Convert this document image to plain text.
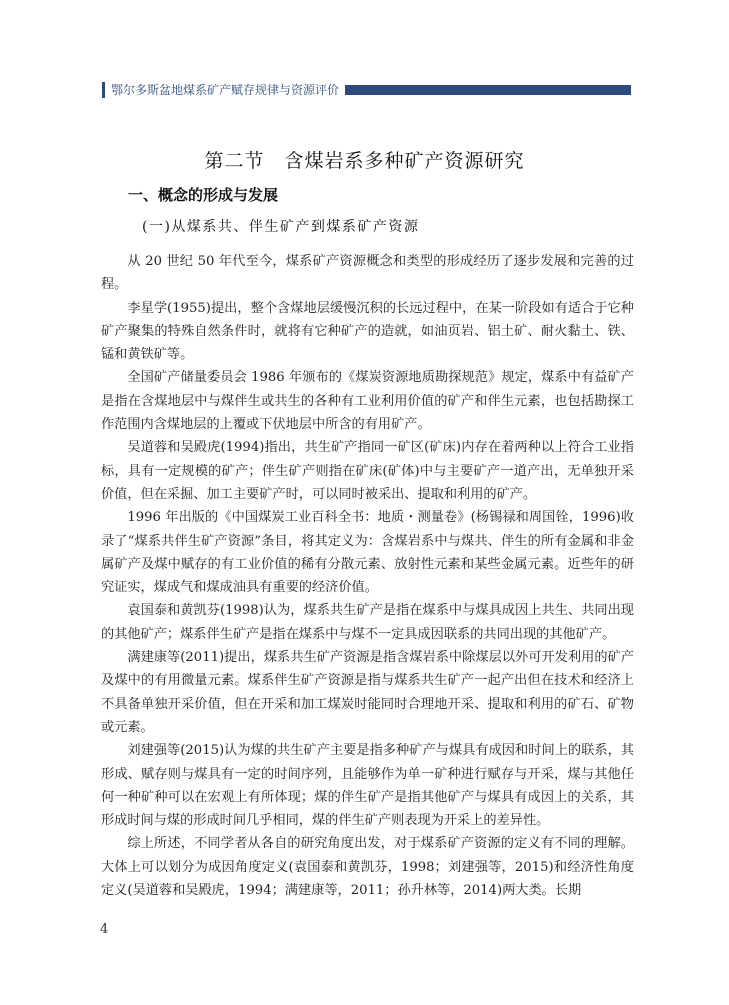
鄂尔多斯盆地煤系矿产赋存规律与资源评价
第二节　含煤岩系多种矿产资源研究
一、概念的形成与发展
(一)从煤系共、伴生矿产到煤系矿产资源

从 20 世纪 50 年代至今，煤系矿产资源概念和类型的形成经历了逐步发展和完善的过程。

李星学(1955)提出，整个含煤地层缓慢沉积的长远过程中，在某一阶段如有适合于它种矿产聚集的特殊自然条件时，就将有它种矿产的造就，如油页岩、铝土矿、耐火黏土、铁、锰和黄铁矿等。

全国矿产储量委员会 1986 年颁布的《煤炭资源地质勘探规范》规定，煤系中有益矿产是指在含煤地层中与煤伴生或共生的各种有工业利用价值的矿产和伴生元素，也包括勘探工作范围内含煤地层的上覆或下伏地层中所含的有用矿产。

吴道蓉和吴殿虎(1994)指出，共生矿产指同一矿区(矿床)内存在着两种以上符合工业指标，具有一定规模的矿产；伴生矿产则指在矿床(矿体)中与主要矿产一道产出，无单独开采价值，但在采掘、加工主要矿产时，可以同时被采出、提取和利用的矿产。

1996 年出版的《中国煤炭工业百科全书：地质・测量卷》(杨锡禄和周国铨，1996)收录了“煤系共伴生矿产资源”条目，将其定义为：含煤岩系中与煤共、伴生的所有金属和非金属矿产及煤中赋存的有工业价值的稀有分散元素、放射性元素和某些金属元素。近些年的研究证实，煤成气和煤成油具有重要的经济价值。

袁国泰和黄凯芬(1998)认为，煤系共生矿产是指在煤系中与煤具成因上共生、共同出现的其他矿产；煤系伴生矿产是指在煤系中与煤不一定具成因联系的共同出现的其他矿产。

满建康等(2011)提出，煤系共生矿产资源是指含煤岩系中除煤层以外可开发利用的矿产及煤中的有用微量元素。煤系伴生矿产资源是指与煤系共生矿产一起产出但在技术和经济上不具备单独开采价值，但在开采和加工煤炭时能同时合理地开采、提取和利用的矿石、矿物或元素。

刘建强等(2015)认为煤的共生矿产主要是指多种矿产与煤具有成因和时间上的联系，其形成、赋存则与煤具有一定的时间序列，且能够作为单一矿种进行赋存与开采，煤与其他任何一种矿种可以在宏观上有所体现；煤的伴生矿产是指其他矿产与煤具有成因上的关系，其形成时间与煤的形成时间几乎相同，煤的伴生矿产则表现为开采上的差异性。

综上所述，不同学者从各自的研究角度出发，对于煤系矿产资源的定义有不同的理解。大体上可以划分为成因角度定义(袁国泰和黄凯芬，1998；刘建强等，2015)和经济性角度定义(吴道蓉和吴殿虎，1994；满建康等，2011；孙升林等，2014)两大类。长期

4
